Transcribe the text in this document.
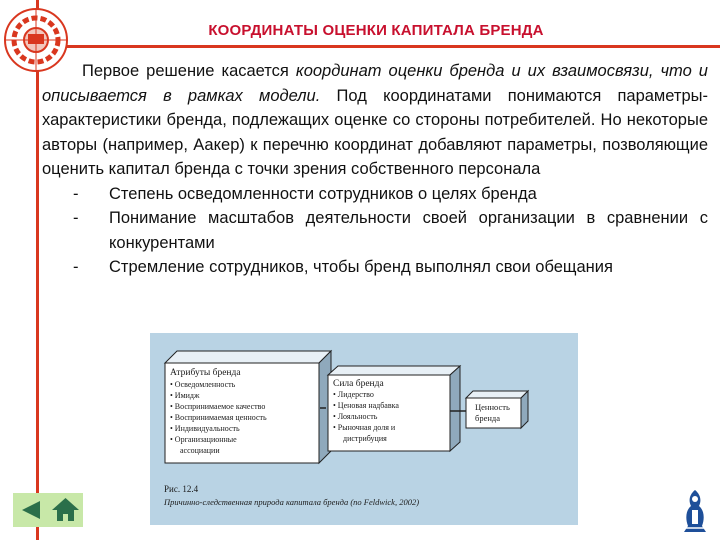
КООРДИНАТЫ ОЦЕНКИ КАПИТАЛА БРЕНДА

Первое решение касается координат оценки бренда и их взаимосвязи, что и описывается в рамках модели. Под координатами понимаются параметры-характеристики бренда, подлежащих оценке со стороны потребителей. Но некоторые авторы (например, Аакер) к перечню координат добавляют параметры, позволяющие оценить капитал бренда с точки зрения собственного персонала

-	Степень осведомленности сотрудников о целях бренда
-	Понимание масштабов деятельности своей организации в сравнении с конкурентами
-	Стремление сотрудников, чтобы бренд выполнял свои обещания
Атрибуты бренда
• Осведомленность
• Имидж
• Воспринимаемое качество
• Воспринимаемая ценность
• Индивидуальность
• Организационные
ассоциации
Сила бренда
• Лидерство
• Ценовая надбавка
• Лояльность
• Рыночная доля и
дистрибуция
Ценность
бренда
Рис. 12.4
Причинно-следственная природа капитала бренда (по Feldwick, 2002)
